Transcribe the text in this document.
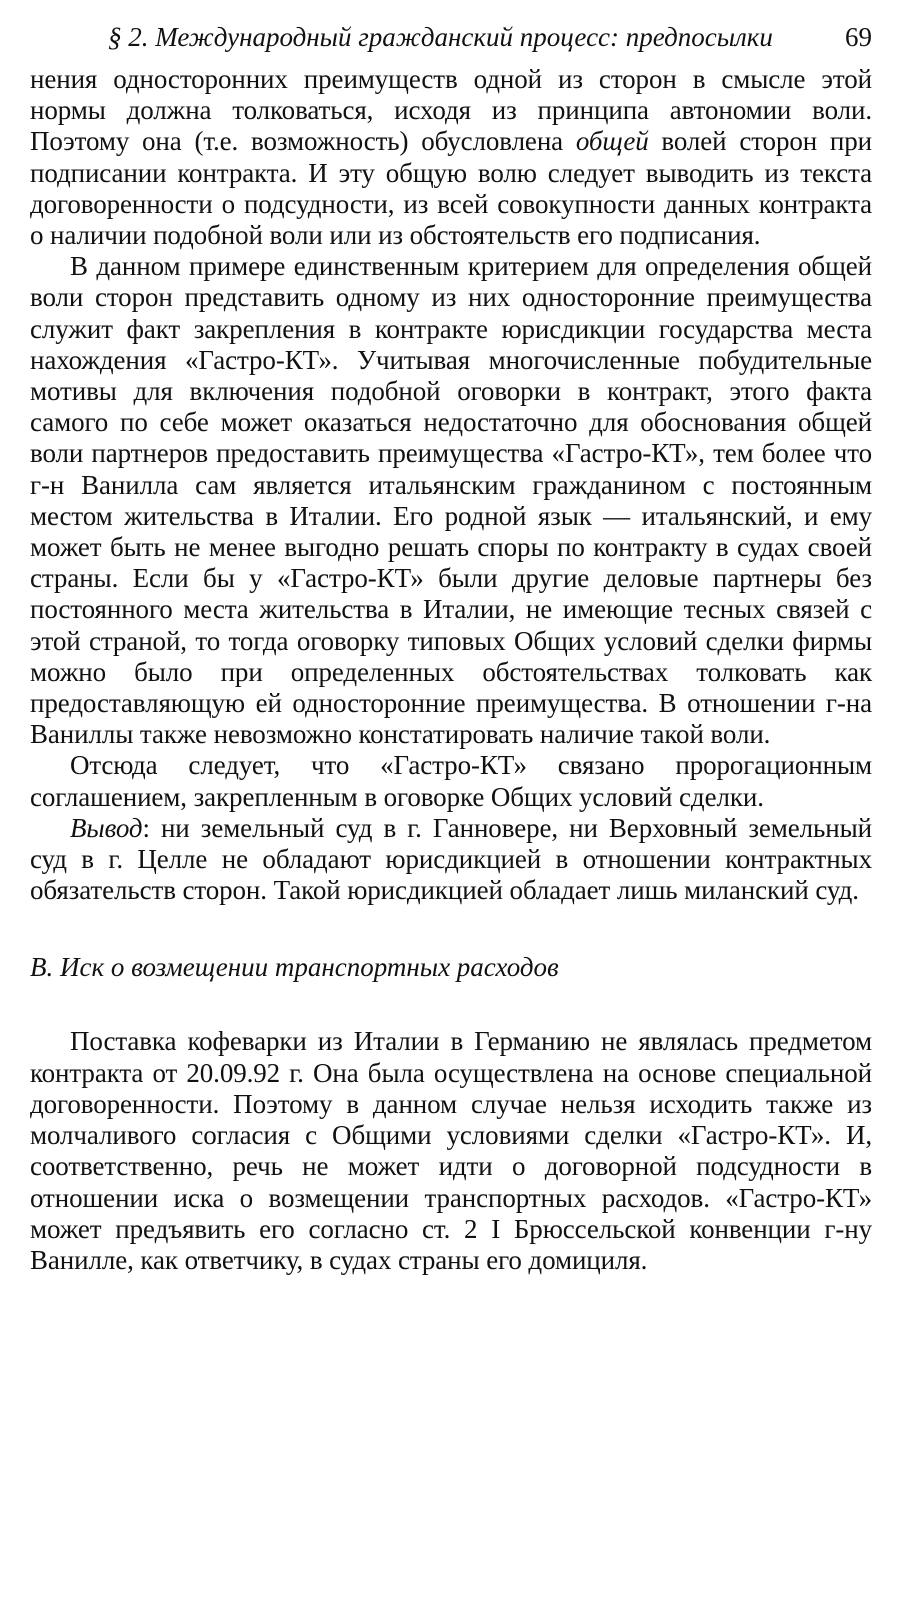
§ 2. Международный гражданский процесс: предпосылки	69

нения односторонних преимуществ одной из сторон в смысле этой нормы должна толковаться, исходя из принципа автономии воли. Поэтому она (т.е. возможность) обусловлена общей волей сторон при подписании контракта. И эту общую волю следует выводить из текста договоренности о подсудности, из всей совокупности данных контракта о наличии подобной воли или из обстоятельств его подписания.

В данном примере единственным критерием для определения общей воли сторон представить одному из них односторонние преимущества служит факт закрепления в контракте юрисдикции государства места нахождения «Гастро-КТ». Учитывая многочисленные побудительные мотивы для включения подобной оговорки в контракт, этого факта самого по себе может оказаться недостаточно для обоснования общей воли партнеров предоставить преимущества «Гастро-КТ», тем более что г-н Ванилла сам является итальянским гражданином с постоянным местом жительства в Италии. Его родной язык — итальянский, и ему может быть не менее выгодно решать споры по контракту в судах своей страны. Если бы у «Гастро-КТ» были другие деловые партнеры без постоянного места жительства в Италии, не имеющие тесных связей с этой страной, то тогда оговорку типовых Общих условий сделки фирмы можно было при определенных обстоятельствах толковать как предоставляющую ей односторонние преимущества. В отношении г-на Ваниллы также невозможно констатировать наличие такой воли.

Отсюда следует, что «Гастро-КТ» связано пророгационным соглашением, закрепленным в оговорке Общих условий сделки.

Вывод: ни земельный суд в г. Ганновере, ни Верховный земельный суд в г. Целле не обладают юрисдикцией в отношении контрактных обязательств сторон. Такой юрисдикцией обладает лишь миланский суд.

В. Иск о возмещении транспортных расходов

Поставка кофеварки из Италии в Германию не являлась предметом контракта от 20.09.92 г. Она была осуществлена на основе специальной договоренности. Поэтому в данном случае нельзя исходить также из молчаливого согласия с Общими условиями сделки «Гастро-КТ». И, соответственно, речь не может идти о договорной подсудности в отношении иска о возмещении транспортных расходов. «Гастро-КТ» может предъявить его согласно ст. 2 I Брюссельской конвенции г-ну Ванилле, как ответчику, в судах страны его домициля.
